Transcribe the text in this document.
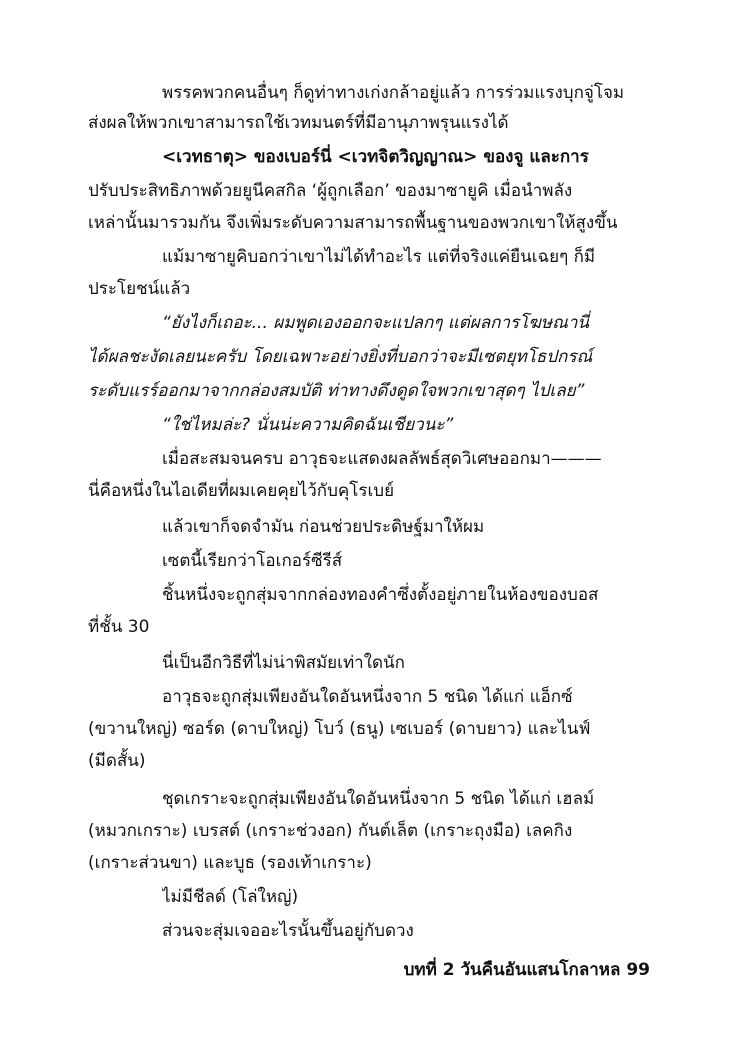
พรรคพวกคนอื่นๆ ก็ดูท่าทางเก่งกล้าอยู่แล้ว การร่วมแรงบุกจู่โจม
ส่งผลให้พวกเขาสามารถใช้เวทมนตร์ที่มีอานุภาพรุนแรงได้
<เวทธาตุ> ของเบอร์นี่ <เวทจิตวิญญาณ> ของจู และการ
ปรับประสิทธิภาพด้วยยูนีคสกิล ‘ผู้ถูกเลือก’ ของมาซายูคิ เมื่อนำพลัง
เหล่านั้นมารวมกัน จึงเพิ่มระดับความสามารถพื้นฐานของพวกเขาให้สูงขึ้น
แม้มาซายูคิบอกว่าเขาไม่ได้ทำอะไร แต่ที่จริงแค่ยืนเฉยๆ ก็มี
ประโยชน์แล้ว
“ยังไงก็เถอะ... ผมพูดเองออกจะแปลกๆ แต่ผลการโฆษณานี่
ได้ผลชะงัดเลยนะครับ โดยเฉพาะอย่างยิ่งที่บอกว่าจะมีเซตยุทโธปกรณ์
ระดับแรร์ออกมาจากกล่องสมบัติ ท่าทางดึงดูดใจพวกเขาสุดๆ ไปเลย”
“ใช่ไหมล่ะ? นั่นน่ะความคิดฉันเชียวนะ”
เมื่อสะสมจนครบ อาวุธจะแสดงผลลัพธ์สุดวิเศษออกมา———
นี่คือหนึ่งในไอเดียที่ผมเคยคุยไว้กับคุโรเบย์
แล้วเขาก็จดจำมัน ก่อนช่วยประดิษฐ์มาให้ผม
เซตนี้เรียกว่าโอเกอร์ซีรีส์
ชิ้นหนึ่งจะถูกสุ่มจากกล่องทองคำซึ่งตั้งอยู่ภายในห้องของบอส
ที่ชั้น 30
นี่เป็นอีกวิธีที่ไม่น่าพิสมัยเท่าใดนัก
อาวุธจะถูกสุ่มเพียงอันใดอันหนึ่งจาก 5 ชนิด ได้แก่ แอ็กซ์
(ขวานใหญ่) ซอร์ด (ดาบใหญ่) โบว์ (ธนู) เซเบอร์ (ดาบยาว) และไนฟ์
(มีดสั้น)
ชุดเกราะจะถูกสุ่มเพียงอันใดอันหนึ่งจาก 5 ชนิด ได้แก่ เฮลม์
(หมวกเกราะ) เบรสต์ (เกราะช่วงอก) กันต์เล็ต (เกราะถุงมือ) เลคกิง
(เกราะส่วนขา) และบูธ (รองเท้าเกราะ)
ไม่มีชีลด์ (โล่ใหญ่)
ส่วนจะสุ่มเจออะไรนั้นขึ้นอยู่กับดวง
บทที่ 2 วันคืนอันแสนโกลาหล 99
